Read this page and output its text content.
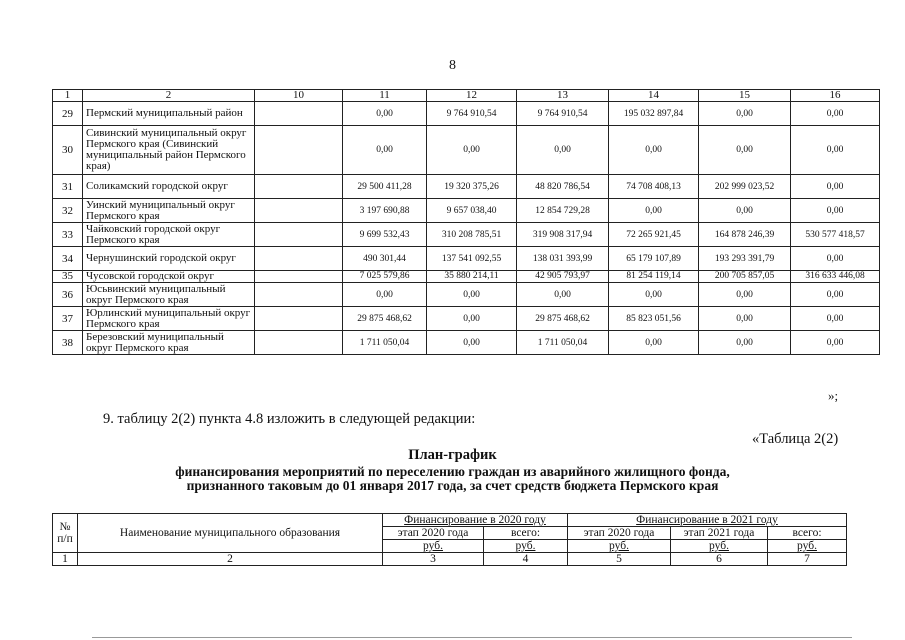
8
1	2	10	11	12	13	14	15	16
29	Пермский муниципальный район		0,00	9 764 910,54	9 764 910,54	195 032 897,84	0,00	0,00
30	Сивинский муниципальный округ Пермского края (Сивинский муниципальный район Пермского края)		0,00	0,00	0,00	0,00	0,00	0,00
31	Соликамский городской округ		29 500 411,28	19 320 375,26	48 820 786,54	74 708 408,13	202 999 023,52	0,00
32	Уинский муниципальный округ Пермского края		3 197 690,88	9 657 038,40	12 854 729,28	0,00	0,00	0,00
33	Чайковский городской округ Пермского края		9 699 532,43	310 208 785,51	319 908 317,94	72 265 921,45	164 878 246,39	530 577 418,57
34	Чернушинский городской округ		490 301,44	137 541 092,55	138 031 393,99	65 179 107,89	193 293 391,79	0,00
35	Чусовской городской округ		7 025 579,86	35 880 214,11	42 905 793,97	81 254 119,14	200 705 857,05	316 633 446,08
36	Юсьвинский муниципальный округ Пермского края		0,00	0,00	0,00	0,00	0,00	0,00
37	Юрлинский муниципальный округ Пермского края		29 875 468,62	0,00	29 875 468,62	85 823 051,56	0,00	0,00
38	Березовский муниципальный округ Пермского края		1 711 050,04	0,00	1 711 050,04	0,00	0,00	0,00
»;
9. таблицу 2(2) пункта 4.8 изложить в следующей редакции:
«Таблица 2(2)
План-график
финансирования мероприятий по переселению граждан из аварийного жилищного фонда,
признанного таковым до 01 января 2017 года, за счет средств бюджета Пермского края
№ п/п	Наименование муниципального образования	Финансирование в 2020 году		Финансирование в 2021 году		
		этап 2020 года	всего:	этап 2020 года	этап 2021 года	всего:
		руб.	руб.	руб.	руб.	руб.
1	2	3	4	5	6	7
